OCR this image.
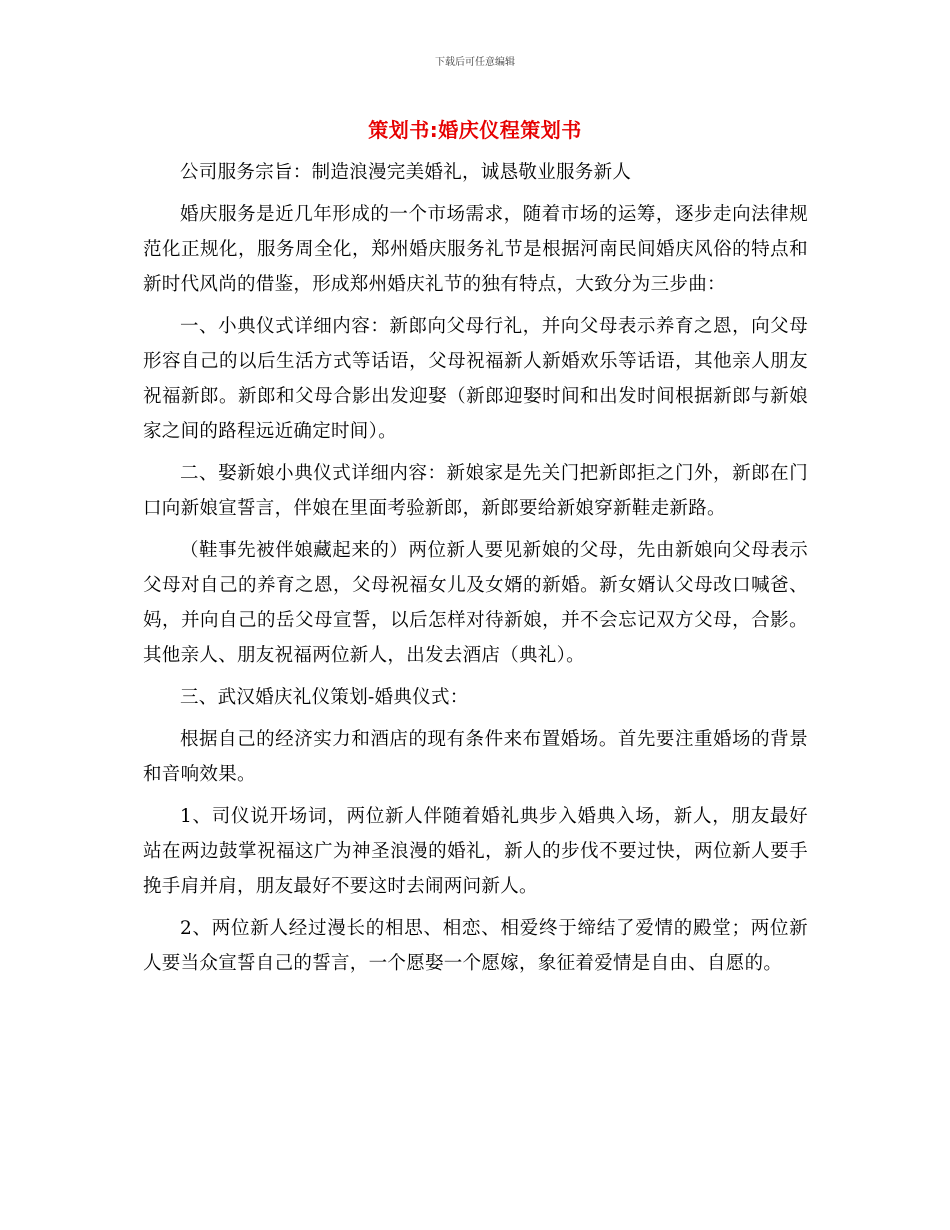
下载后可任意编辑
策划书:婚庆仪程策划书

公司服务宗旨：制造浪漫完美婚礼，诚恳敬业服务新人

婚庆服务是近几年形成的一个市场需求，随着市场的运筹，逐步走向法律规范化正规化，服务周全化，郑州婚庆服务礼节是根据河南民间婚庆风俗的特点和新时代风尚的借鉴，形成郑州婚庆礼节的独有特点，大致分为三步曲：

一、小典仪式详细内容：新郎向父母行礼，并向父母表示养育之恩，向父母形容自己的以后生活方式等话语，父母祝福新人新婚欢乐等话语，其他亲人朋友祝福新郎。新郎和父母合影出发迎娶（新郎迎娶时间和出发时间根据新郎与新娘家之间的路程远近确定时间）。

二、娶新娘小典仪式详细内容：新娘家是先关门把新郎拒之门外，新郎在门口向新娘宣誓言，伴娘在里面考验新郎，新郎要给新娘穿新鞋走新路。

（鞋事先被伴娘藏起来的）两位新人要见新娘的父母，先由新娘向父母表示父母对自己的养育之恩，父母祝福女儿及女婿的新婚。新女婿认父母改口喊爸、妈，并向自己的岳父母宣誓，以后怎样对待新娘，并不会忘记双方父母，合影。其他亲人、朋友祝福两位新人，出发去酒店（典礼）。

三、武汉婚庆礼仪策划-婚典仪式：

根据自己的经济实力和酒店的现有条件来布置婚场。首先要注重婚场的背景和音响效果。

1、司仪说开场词，两位新人伴随着婚礼典步入婚典入场，新人，朋友最好站在两边鼓掌祝福这广为神圣浪漫的婚礼，新人的步伐不要过快，两位新人要手挽手肩并肩，朋友最好不要这时去闹两问新人。

2、两位新人经过漫长的相思、相恋、相爱终于缔结了爱情的殿堂；两位新人要当众宣誓自己的誓言，一个愿娶一个愿嫁，象征着爱情是自由、自愿的。
